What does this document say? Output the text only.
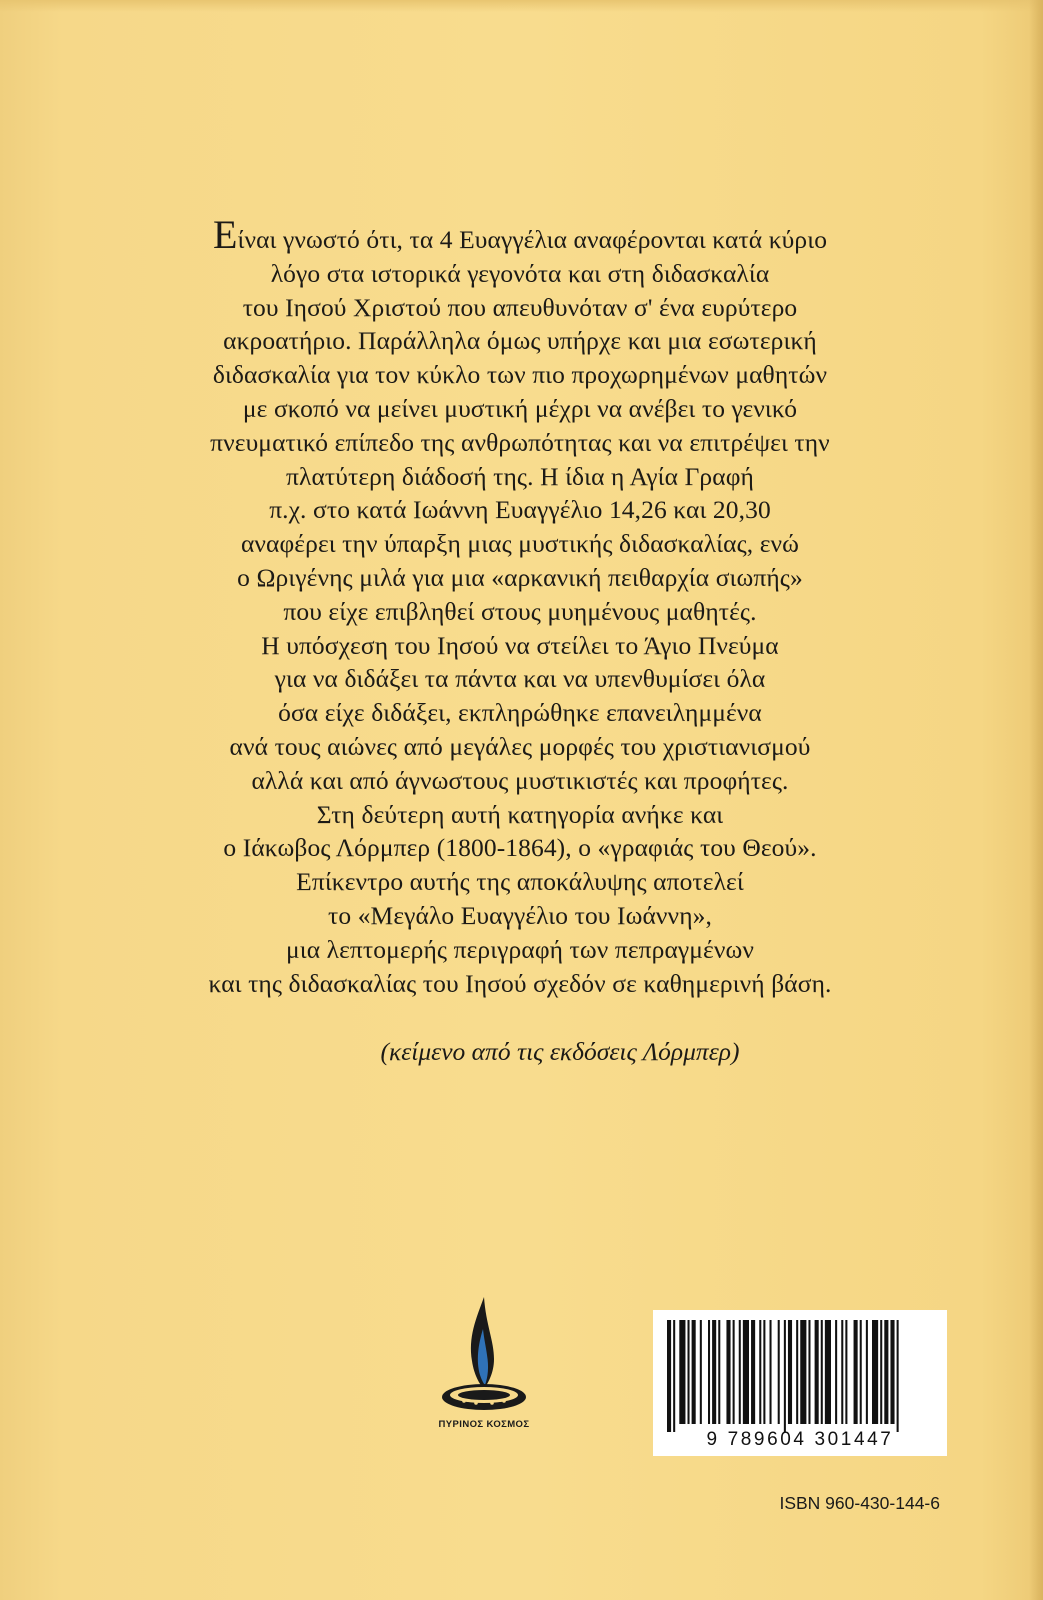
Είναι γνωστό ότι, τα 4 Ευαγγέλια αναφέρονται κατά κύριο
λόγο στα ιστορικά γεγονότα και στη διδασκαλία
του Ιησού Χριστού που απευθυνόταν σ' ένα ευρύτερο
ακροατήριο. Παράλληλα όμως υπήρχε και μια εσωτερική
διδασκαλία για τον κύκλο των πιο προχωρημένων μαθητών
με σκοπό να μείνει μυστική μέχρι να ανέβει το γενικό
πνευματικό επίπεδο της ανθρωπότητας και να επιτρέψει την
πλατύτερη διάδοσή της. Η ίδια η Αγία Γραφή
π.χ. στο κατά Ιωάννη Ευαγγέλιο 14,26 και 20,30
αναφέρει την ύπαρξη μιας μυστικής διδασκαλίας, ενώ
ο Ωριγένης μιλά για μια «αρκανική πειθαρχία σιωπής»
που είχε επιβληθεί στους μυημένους μαθητές.
Η υπόσχεση του Ιησού να στείλει το Άγιο Πνεύμα
για να διδάξει τα πάντα και να υπενθυμίσει όλα
όσα είχε διδάξει, εκπληρώθηκε επανειλημμένα
ανά τους αιώνες από μεγάλες μορφές του χριστιανισμού
αλλά και από άγνωστους μυστικιστές και προφήτες.
Στη δεύτερη αυτή κατηγορία ανήκε και
ο Ιάκωβος Λόρμπερ (1800-1864), ο «γραφιάς του Θεού».
Επίκεντρο αυτής της αποκάλυψης αποτελεί
το «Μεγάλο Ευαγγέλιο του Ιωάννη»,
μια λεπτομερής περιγραφή των πεπραγμένων
και της διδασκαλίας του Ιησού σχεδόν σε καθημερινή βάση.
(κείμενο από τις εκδόσεις Λόρμπερ)
ΠΥΡΙΝΟΣ ΚΟΣΜΟΣ
9 789604 301447
ISBN 960-430-144-6
